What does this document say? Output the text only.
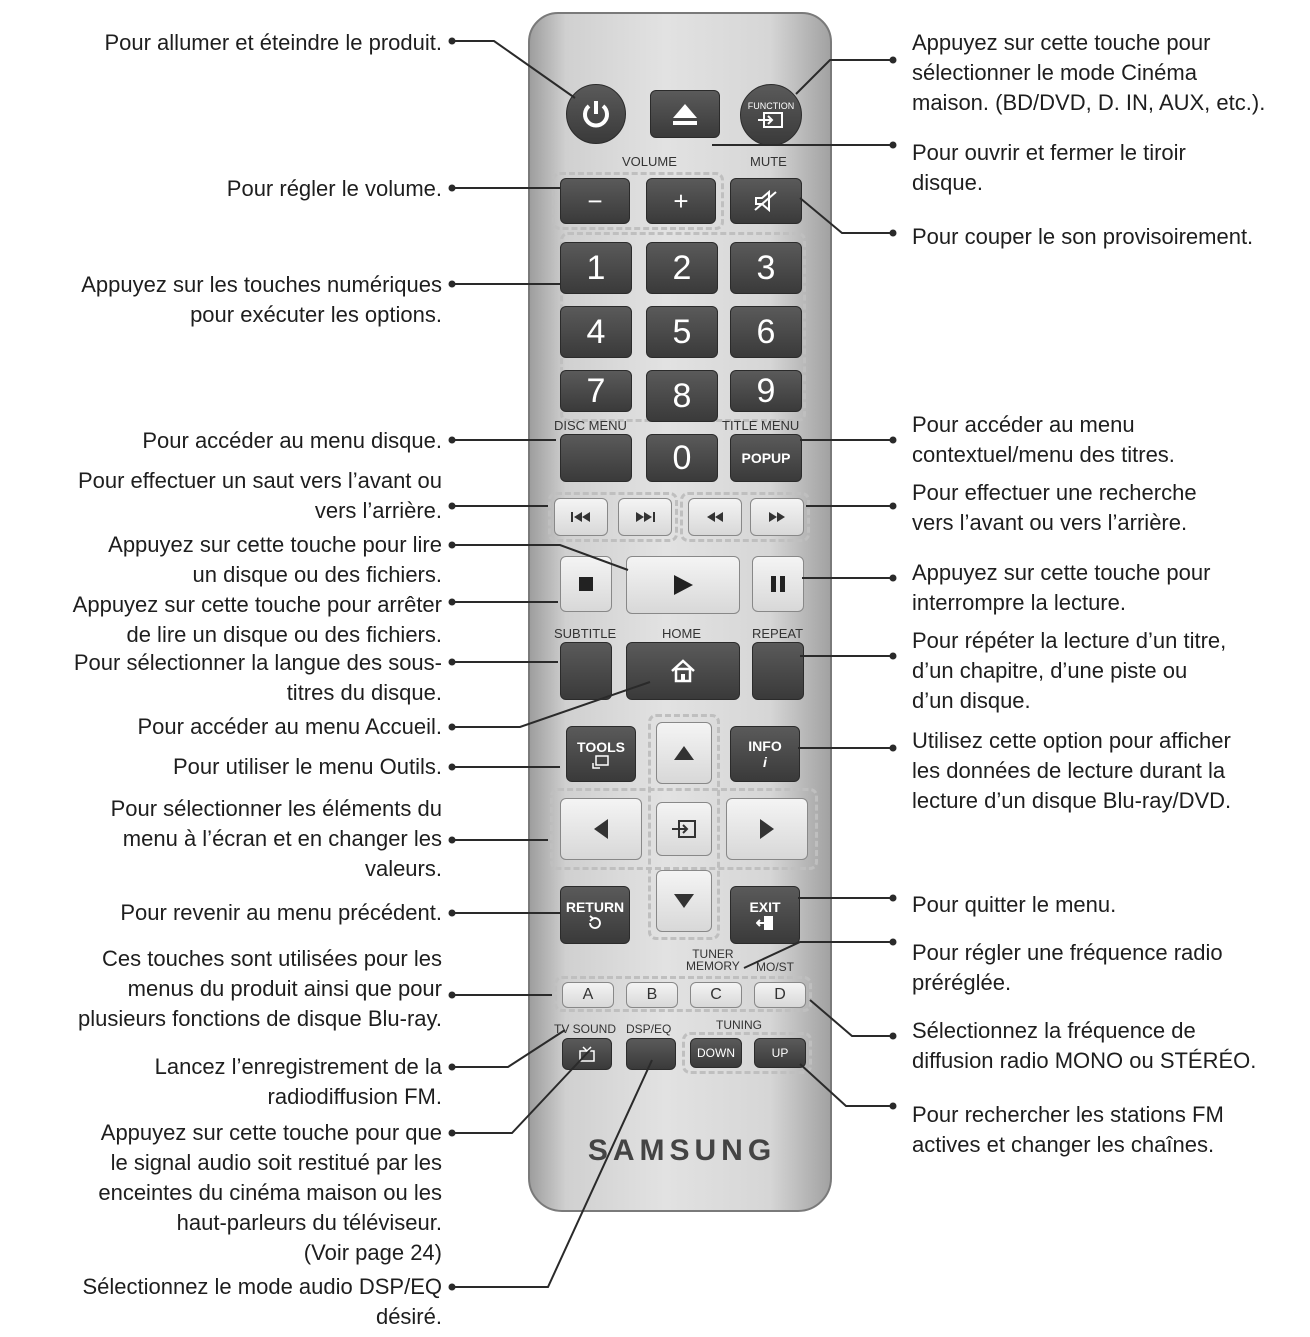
Pour allumer et éteindre le produit.
Pour régler le volume.
Appuyez sur les touches numériques
pour exécuter les options.
Pour accéder au menu disque.
Pour effectuer un saut vers l’avant ou
vers l’arrière.
Appuyez sur cette touche pour lire
un disque ou des fichiers.
Appuyez sur cette touche pour arrêter
de lire un disque ou des fichiers.
Pour sélectionner la langue des sous-
titres du disque.
Pour accéder au menu Accueil.
Pour utiliser le menu Outils.
Pour sélectionner les éléments du
menu à l’écran et en changer les
valeurs.
Pour revenir au menu précédent.
Ces touches sont utilisées pour les
menus du produit ainsi que pour
plusieurs fonctions de disque Blu-ray.
Lancez l’enregistrement de la
radiodiffusion FM.
Appuyez sur cette touche pour que
le signal audio soit restitué par les
enceintes du cinéma maison ou les
haut-parleurs du téléviseur.
(Voir page 24)
Sélectionnez le mode audio DSP/EQ
désiré.
Appuyez sur cette touche pour
sélectionner le mode Cinéma
maison. (BD/DVD, D. IN, AUX, etc.).
Pour ouvrir et fermer le tiroir
disque.
Pour couper le son provisoirement.
Pour accéder au menu
contextuel/menu des titres.
Pour effectuer une recherche
vers l’avant ou vers l’arrière.
Appuyez sur cette touche pour
interrompre la lecture.
Pour répéter la lecture d’un titre,
d’un chapitre, d’une piste ou
d’un disque.
Utilisez cette option pour afficher
les données de lecture durant la
lecture d’un disque Blu-ray/DVD.
Pour quitter le menu.
Pour régler une fréquence radio
préréglée.
Sélectionnez la fréquence de
diffusion radio MONO ou STÉRÉO.
Pour rechercher les stations FM
actives et changer les chaînes.
FUNCTION
VOLUME	MUTE
−	+
1	2	3
4	5	6
7	8	9
DISC MENU	TITLE MENU
0	POPUP
SUBTITLE	HOME	REPEAT
TOOLS	INFO
i
RETURN	EXIT
TUNER
MEMORY MO/ST
A	B	C	D
TV SOUND DSP/EQ	TUNING
DOWN	UP
SAMSUNG
